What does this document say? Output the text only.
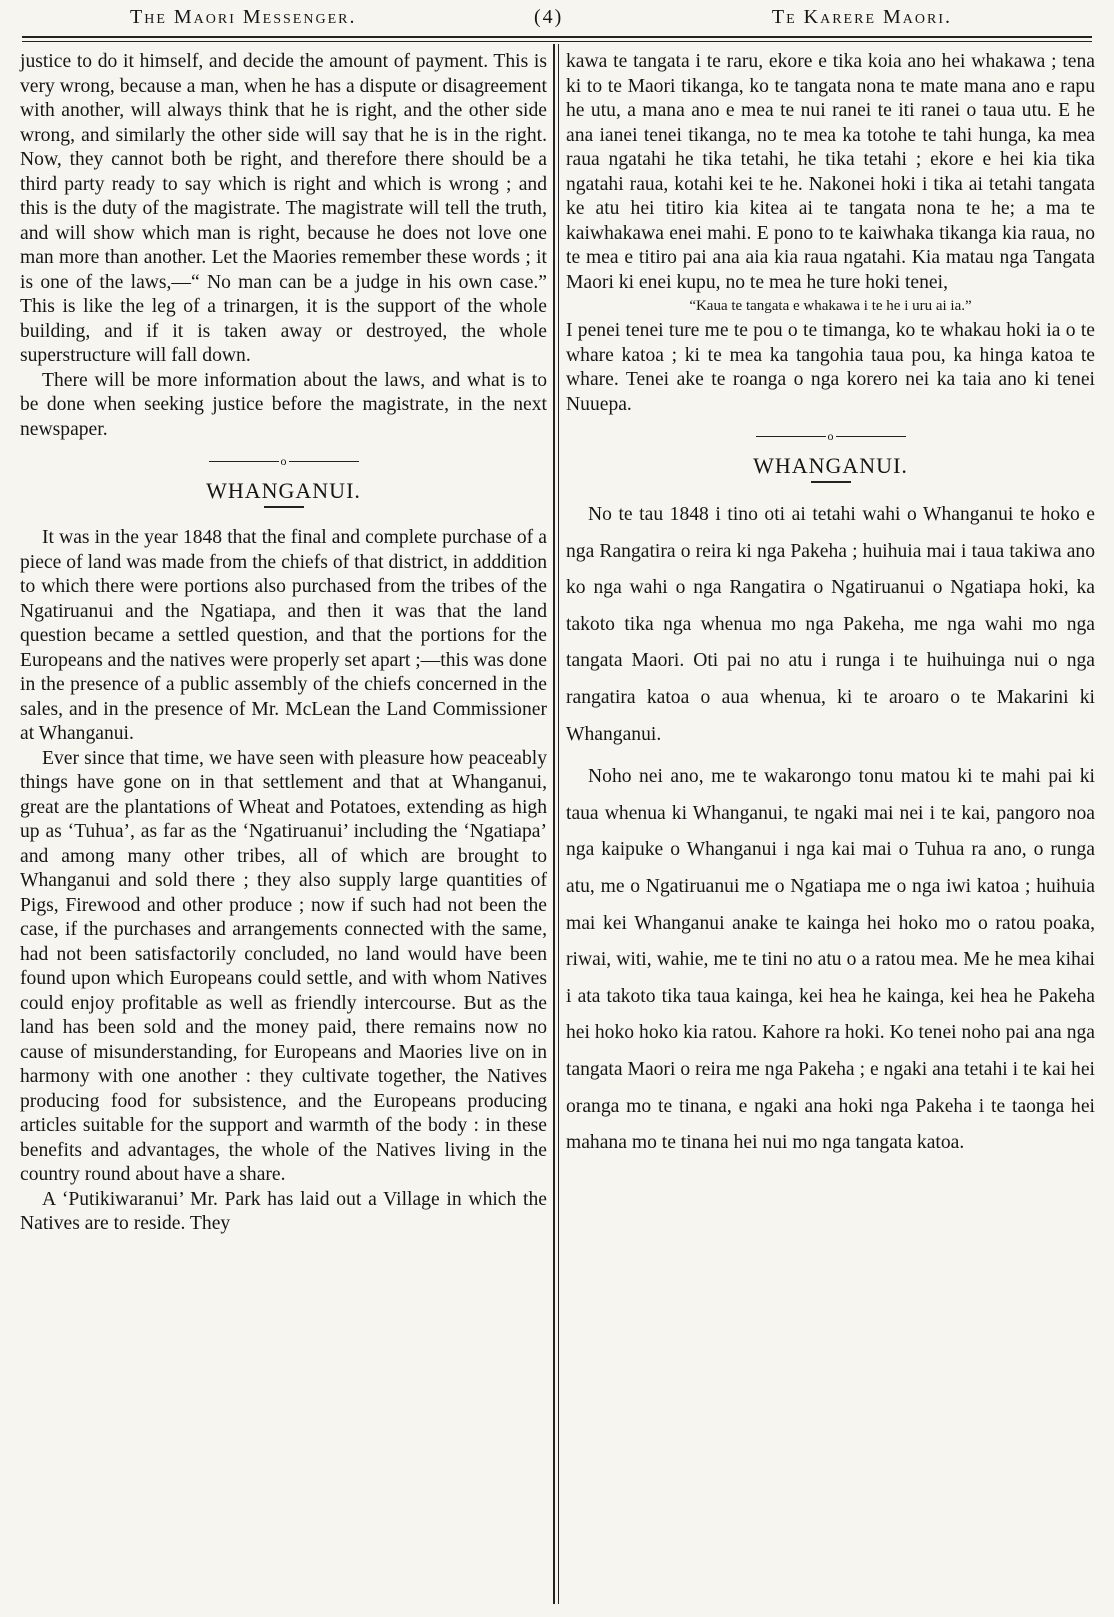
The Maori Messenger.	(4)	Te Karere Maori.

justice to do it himself, and decide the amount of payment. This is very wrong, because a man, when he has a dispute or disagreement with another, will always think that he is right, and the other side wrong, and similarly the other side will say that he is in the right. Now, they cannot both be right, and therefore there should be a third party ready to say which is right and which is wrong ; and this is the duty of the magistrate. The magistrate will tell the truth, and will show which man is right, because he does not love one man more than another. Let the Maories remember these words ; it is one of the laws,—“ No man can be a judge in his own case.” This is like the leg of a trinargen, it is the support of the whole building, and if it is taken away or destroyed, the whole superstructure will fall down.

There will be more information about the laws, and what is to be done when seeking justice before the magistrate, in the next newspaper.

o
WHANGANUI.

It was in the year 1848 that the final and complete purchase of a piece of land was made from the chiefs of that district, in adddition to which there were portions also purchased from the tribes of the Ngatiruanui and the Ngatiapa, and then it was that the land question became a settled question, and that the portions for the Europeans and the natives were properly set apart ;—this was done in the presence of a public assembly of the chiefs concerned in the sales, and in the presence of Mr. McLean the Land Commissioner at Whanganui.

Ever since that time, we have seen with pleasure how peaceably things have gone on in that settlement and that at Whanganui, great are the plantations of Wheat and Potatoes, extending as high up as ‘Tuhua’, as far as the ‘Ngatiruanui’ including the ‘Ngatiapa’ and among many other tribes, all of which are brought to Whanganui and sold there ; they also supply large quantities of Pigs, Firewood and other produce ; now if such had not been the case, if the purchases and arrangements connected with the same, had not been satisfactorily concluded, no land would have been found upon which Europeans could settle, and with whom Natives could enjoy profitable as well as friendly intercourse. But as the land has been sold and the money paid, there remains now no cause of misunderstanding, for Europeans and Maories live on in harmony with one another : they cultivate together, the Natives producing food for subsistence, and the Europeans producing articles suitable for the support and warmth of the body : in these benefits and advantages, the whole of the Natives living in the country round about have a share.

A ‘Putikiwaranui’ Mr. Park has laid out a Village in which the Natives are to reside. They

kawa te tangata i te raru, ekore e tika koia ano hei whakawa ; tena ki to te Maori tikanga, ko te tangata nona te mate mana ano e rapu he utu, a mana ano e mea te nui ranei te iti ranei o taua utu. E he ana ianei tenei tikanga, no te mea ka totohe te tahi hunga, ka mea raua ngatahi he tika tetahi, he tika tetahi ; ekore e hei kia tika ngatahi raua, kotahi kei te he. Nakonei hoki i tika ai tetahi tangata ke atu hei titiro kia kitea ai te tangata nona te he; a ma te kaiwhakawa enei mahi. E pono to te kaiwhaka tikanga kia raua, no te mea e titiro pai ana aia kia raua ngatahi. Kia matau nga Tangata Maori ki enei kupu, no te mea he ture hoki tenei,

“Kaua te tangata e whakawa i te he i uru ai ia.”

I penei tenei ture me te pou o te timanga, ko te whakau hoki ia o te whare katoa ; ki te mea ka tangohia taua pou, ka hinga katoa te whare. Tenei ake te roanga o nga korero nei ka taia ano ki tenei Nuuepa.

o
WHANGANUI.

No te tau 1848 i tino oti ai tetahi wahi o Whanganui te hoko e nga Rangatira o reira ki nga Pakeha ; huihuia mai i taua takiwa ano ko nga wahi o nga Rangatira o Ngatiruanui o Ngatiapa hoki, ka takoto tika nga whenua mo nga Pakeha, me nga wahi mo nga tangata Maori. Oti pai no atu i runga i te huihuinga nui o nga rangatira katoa o aua whenua, ki te aroaro o te Makarini ki Whanganui.

Noho nei ano, me te wakarongo tonu matou ki te mahi pai ki taua whenua ki Whanganui, te ngaki mai nei i te kai, pangoro noa nga kaipuke o Whanganui i nga kai mai o Tuhua ra ano, o runga atu, me o Ngatiruanui me o Ngatiapa me o nga iwi katoa ; huihuia mai kei Whanganui anake te kainga hei hoko mo o ratou poaka, riwai, witi, wahie, me te tini no atu o a ratou mea. Me he mea kihai i ata takoto tika taua kainga, kei hea he kainga, kei hea he Pakeha hei hoko hoko kia ratou. Kahore ra hoki. Ko tenei noho pai ana nga tangata Maori o reira me nga Pakeha ; e ngaki ana tetahi i te kai hei oranga mo te tinana, e ngaki ana hoki nga Pakeha i te taonga hei mahana mo te tinana hei nui mo nga tangata katoa.
